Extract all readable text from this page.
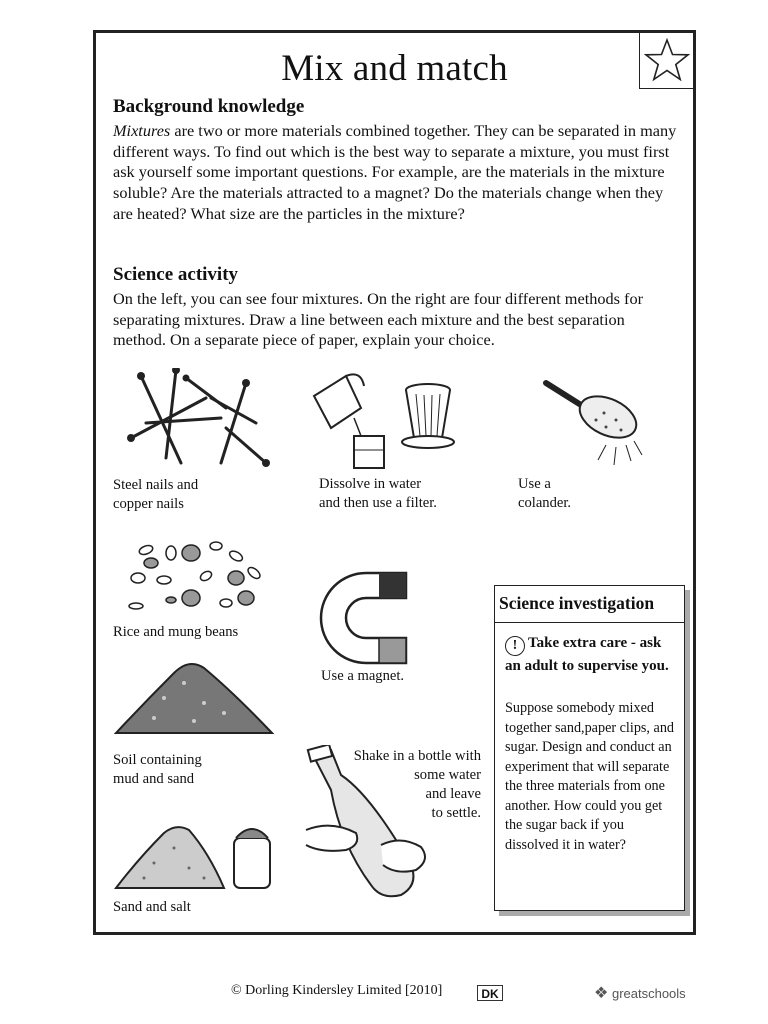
Mix and match
Background knowledge

Mixtures are two or more materials combined together. They can be separated in many different ways. To find out which is the best way to separate a mixture, you must first ask yourself some important questions. For example, are the materials in the mixture soluble? Are the materials attracted to a magnet? Do the materials change when they are heated? What size are the particles in the mixture?

Science activity

On the left, you can see four mixtures. On the right are four different methods for separating mixtures. Draw a line between each mixture and the best separation method. On a separate piece of paper, explain your choice.

Steel nails and
copper nails
Dissolve in water
and then use a filter.
Use a
colander.
Rice and mung beans
Use a magnet.
Soil containing
mud and sand
Shake in a bottle with
some water
and leave
to settle.
Sand and salt
Science investigation
! Take extra care - ask an adult to supervise you.
Suppose somebody mixed together sand,paper clips, and sugar. Design and conduct an experiment that will separate the three materials from one another. How could you get the sugar back if you dissolved it in water?
© Dorling Kindersley Limited [2010]	DK	❖ greatschools
